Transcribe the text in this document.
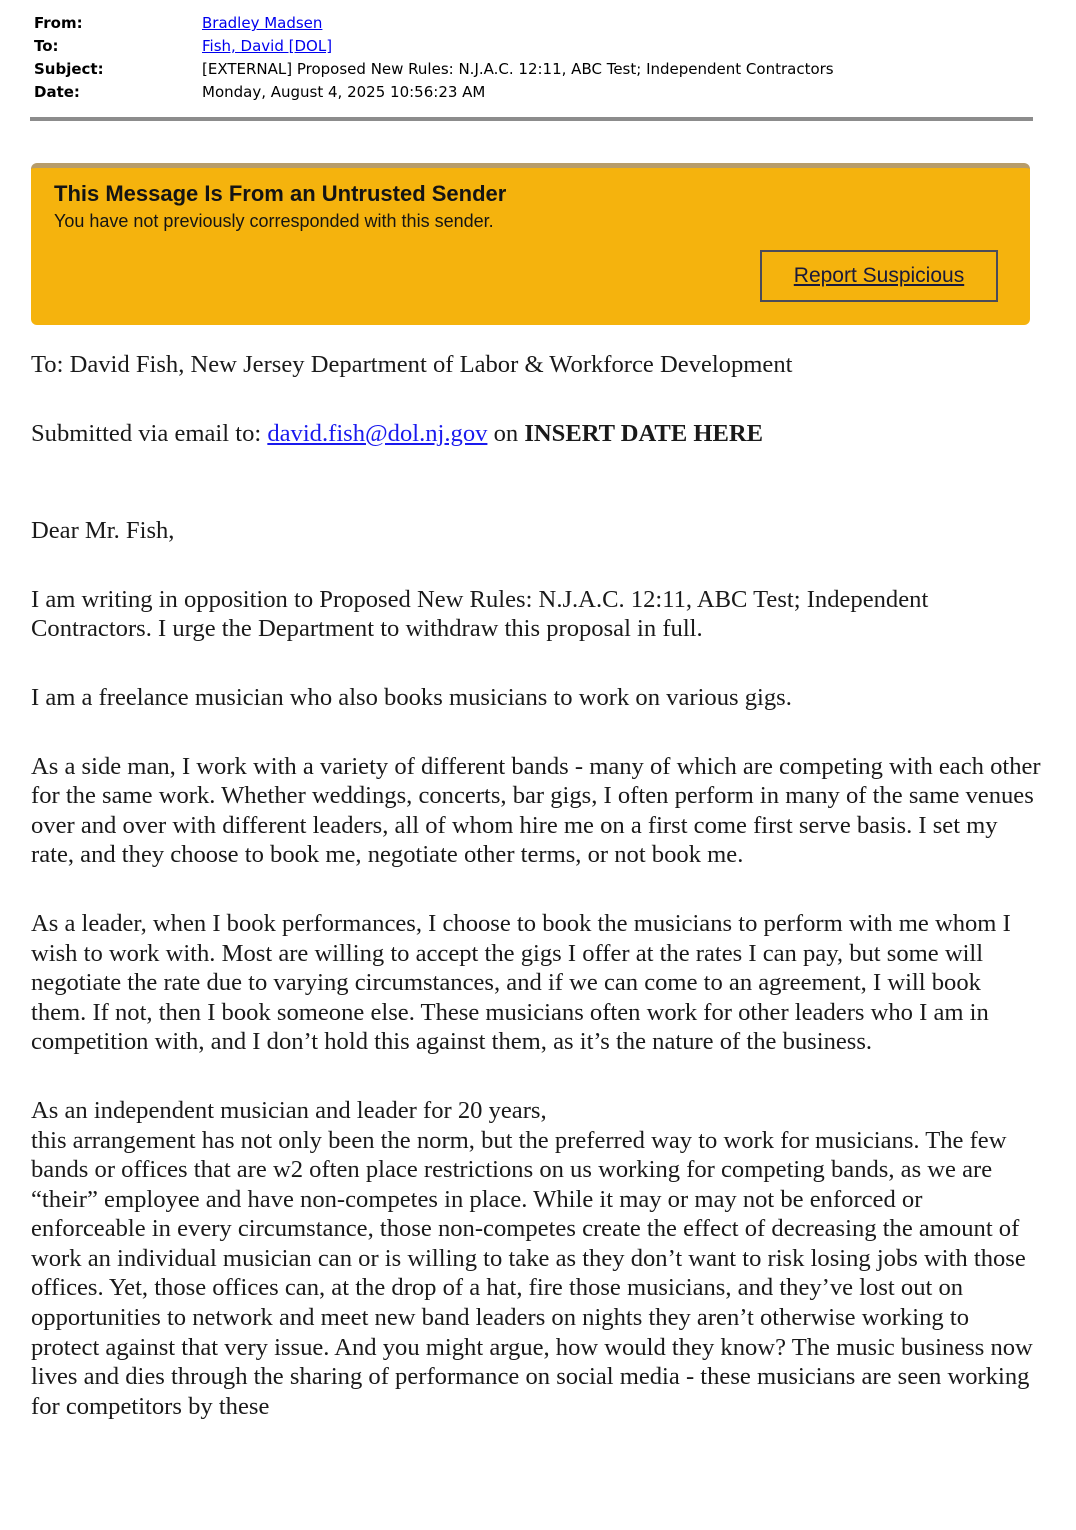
From:	Bradley Madsen
To:	Fish, David [DOL]
Subject:	[EXTERNAL] Proposed New Rules: N.J.A.C. 12:11, ABC Test; Independent Contractors
Date:	Monday, August 4, 2025 10:56:23 AM
This Message Is From an Untrusted Sender
You have not previously corresponded with this sender.
Report Suspicious

To: David Fish, New Jersey Department of Labor & Workforce Development

Submitted via email to: david.fish@dol.nj.gov on INSERT DATE HERE

Dear Mr. Fish,

I am writing in opposition to Proposed New Rules: N.J.A.C. 12:11, ABC Test; Independent Contractors. I urge the Department to withdraw this proposal in full.

I am a freelance musician who also books musicians to work on various gigs.

As a side man, I work with a variety of different bands - many of which are competing with each other for the same work. Whether weddings, concerts, bar gigs, I often perform in many of the same venues over and over with different leaders, all of whom hire me on a first come first serve basis. I set my rate, and they choose to book me, negotiate other terms, or not book me.

As a leader, when I book performances, I choose to book the musicians to perform with me whom I wish to work with. Most are willing to accept the gigs I offer at the rates I can pay, but some will negotiate the rate due to varying circumstances, and if we can come to an agreement, I will book them. If not, then I book someone else. These musicians often work for other leaders who I am in competition with, and I don’t hold this against them, as it’s the nature of the business.

As an independent musician and leader for 20 years,
this arrangement has not only been the norm, but the preferred way to work for musicians. The few bands or offices that are w2 often place restrictions on us working for competing bands, as we are “their” employee and have non-competes in place. While it may or may not be enforced or enforceable in every circumstance, those non-competes create the effect of decreasing the amount of work an individual musician can or is willing to take as they don’t want to risk losing jobs with those offices. Yet, those offices can, at the drop of a hat, fire those musicians, and they’ve lost out on opportunities to network and meet new band leaders on nights they aren’t otherwise working to protect against that very issue. And you might argue, how would they know? The music business now lives and dies through the sharing of performance on social media - these musicians are seen working for competitors by these
